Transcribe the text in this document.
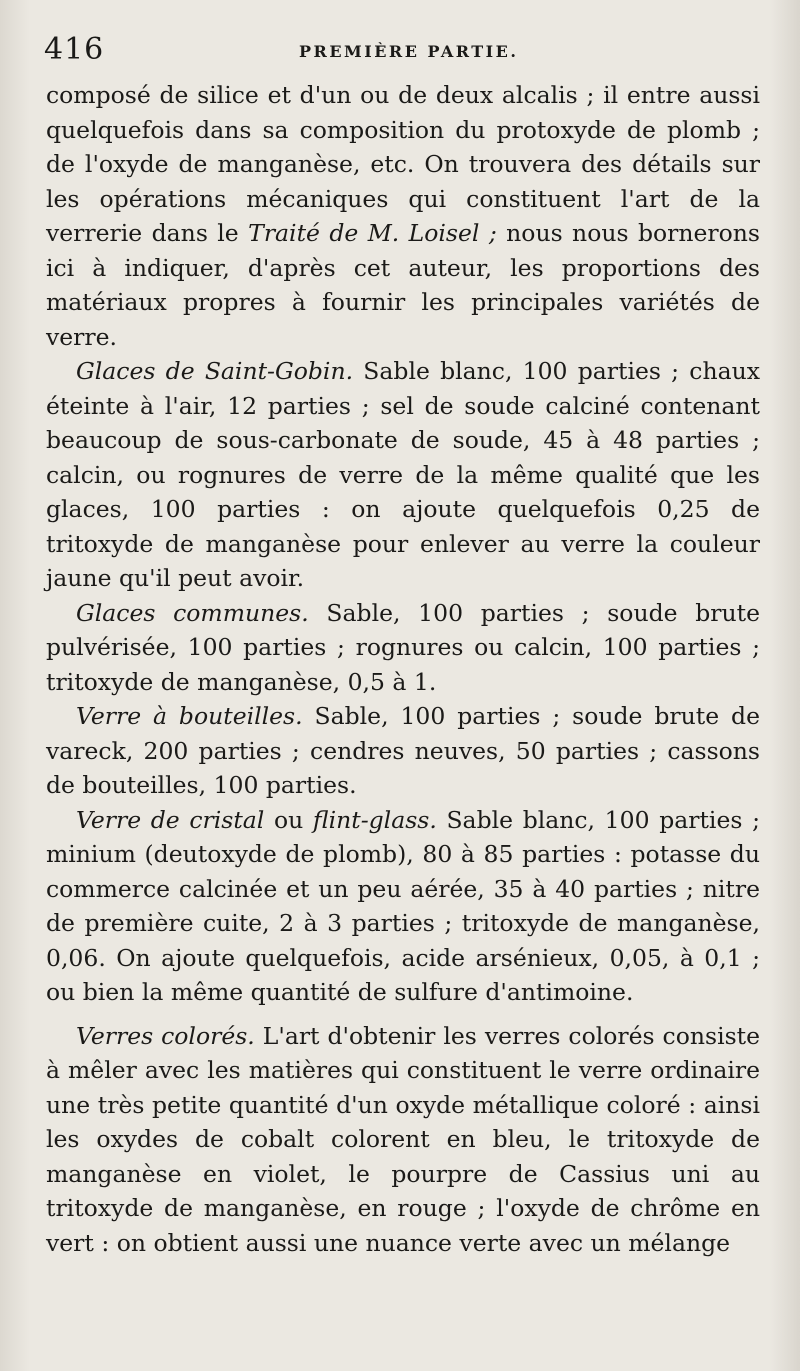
416	PREMIÈRE PARTIE.

composé de silice et d'un ou de deux alcalis ; il entre aussi quelquefois dans sa composition du protoxyde de plomb ; de l'oxyde de manganèse, etc. On trouvera des détails sur les opérations mécaniques qui constituent l'art de la verrerie dans le Traité de M. Loisel ; nous nous bornerons ici à indiquer, d'après cet auteur, les proportions des matériaux propres à fournir les principales variétés de verre.

Glaces de Saint-Gobin. Sable blanc, 100 parties ; chaux éteinte à l'air, 12 parties ; sel de soude calciné contenant beaucoup de sous-carbonate de soude, 45 à 48 parties ; calcin, ou rognures de verre de la même qualité que les glaces, 100 parties : on ajoute quelquefois 0,25 de tritoxyde de manganèse pour enlever au verre la couleur jaune qu'il peut avoir.

Glaces communes. Sable, 100 parties ; soude brute pulvérisée, 100 parties ; rognures ou calcin, 100 parties ; tritoxyde de manganèse, 0,5 à 1.

Verre à bouteilles. Sable, 100 parties ; soude brute de vareck, 200 parties ; cendres neuves, 50 parties ; cassons de bouteilles, 100 parties.

Verre de cristal ou flint-glass. Sable blanc, 100 parties ; minium (deutoxyde de plomb), 80 à 85 parties : potasse du commerce calcinée et un peu aérée, 35 à 40 parties ; nitre de première cuite, 2 à 3 parties ; tritoxyde de manganèse, 0,06. On ajoute quelquefois, acide arsénieux, 0,05, à 0,1 ; ou bien la même quantité de sulfure d'antimoine.

Verres colorés. L'art d'obtenir les verres colorés consiste à mêler avec les matières qui constituent le verre ordinaire une très petite quantité d'un oxyde métallique coloré : ainsi les oxydes de cobalt colorent en bleu, le tritoxyde de manganèse en violet, le pourpre de Cassius uni au tritoxyde de manganèse, en rouge ; l'oxyde de chrôme en vert : on obtient aussi une nuance verte avec un mélange
